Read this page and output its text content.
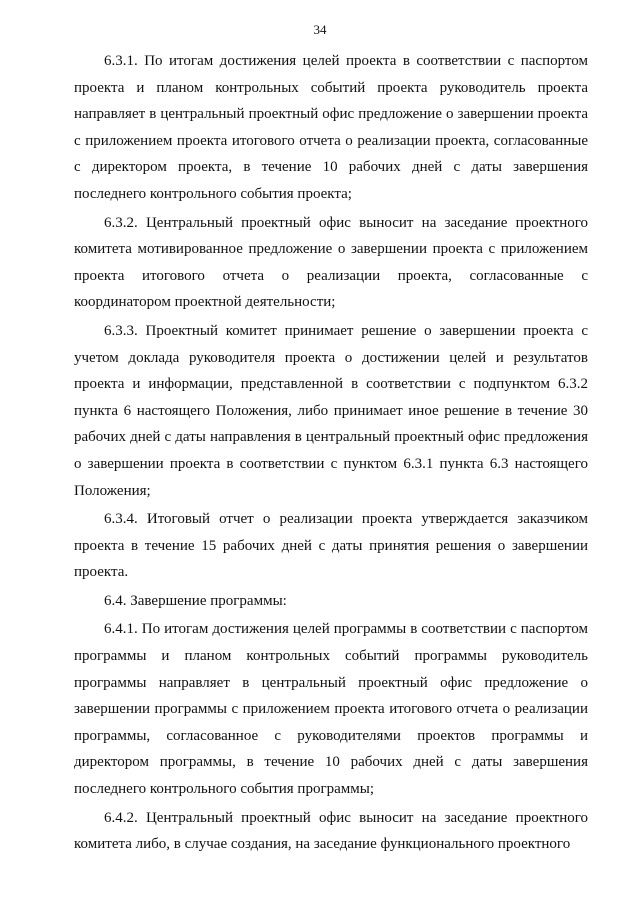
34

6.3.1. По итогам достижения целей проекта в соответствии с паспортом проекта и планом контрольных событий проекта руководитель проекта направляет в центральный проектный офис предложение о завершении проекта с приложением проекта итогового отчета о реализации проекта, согласованные с директором проекта, в течение 10 рабочих дней с даты завершения последнего контрольного события проекта;

6.3.2. Центральный проектный офис выносит на заседание проектного комитета мотивированное предложение о завершении проекта с приложением проекта итогового отчета о реализации проекта, согласованные с координатором проектной деятельности;

6.3.3. Проектный комитет принимает решение о завершении проекта с учетом доклада руководителя проекта о достижении целей и результатов проекта и информации, представленной в соответствии с подпунктом 6.3.2 пункта 6 настоящего Положения, либо принимает иное решение в течение 30 рабочих дней с даты направления в центральный проектный офис предложения о завершении проекта в соответствии с пунктом 6.3.1 пункта 6.3 настоящего Положения;

6.3.4. Итоговый отчет о реализации проекта утверждается заказчиком проекта в течение 15 рабочих дней с даты принятия решения о завершении проекта.

6.4. Завершение программы:

6.4.1. По итогам достижения целей программы в соответствии с паспортом программы и планом контрольных событий программы руководитель программы направляет в центральный проектный офис предложение о завершении программы с приложением проекта итогового отчета о реализации программы, согласованное с руководителями проектов программы и директором программы, в течение 10 рабочих дней с даты завершения последнего контрольного события программы;

6.4.2. Центральный проектный офис выносит на заседание проектного комитета либо, в случае создания, на заседание функционального проектного
